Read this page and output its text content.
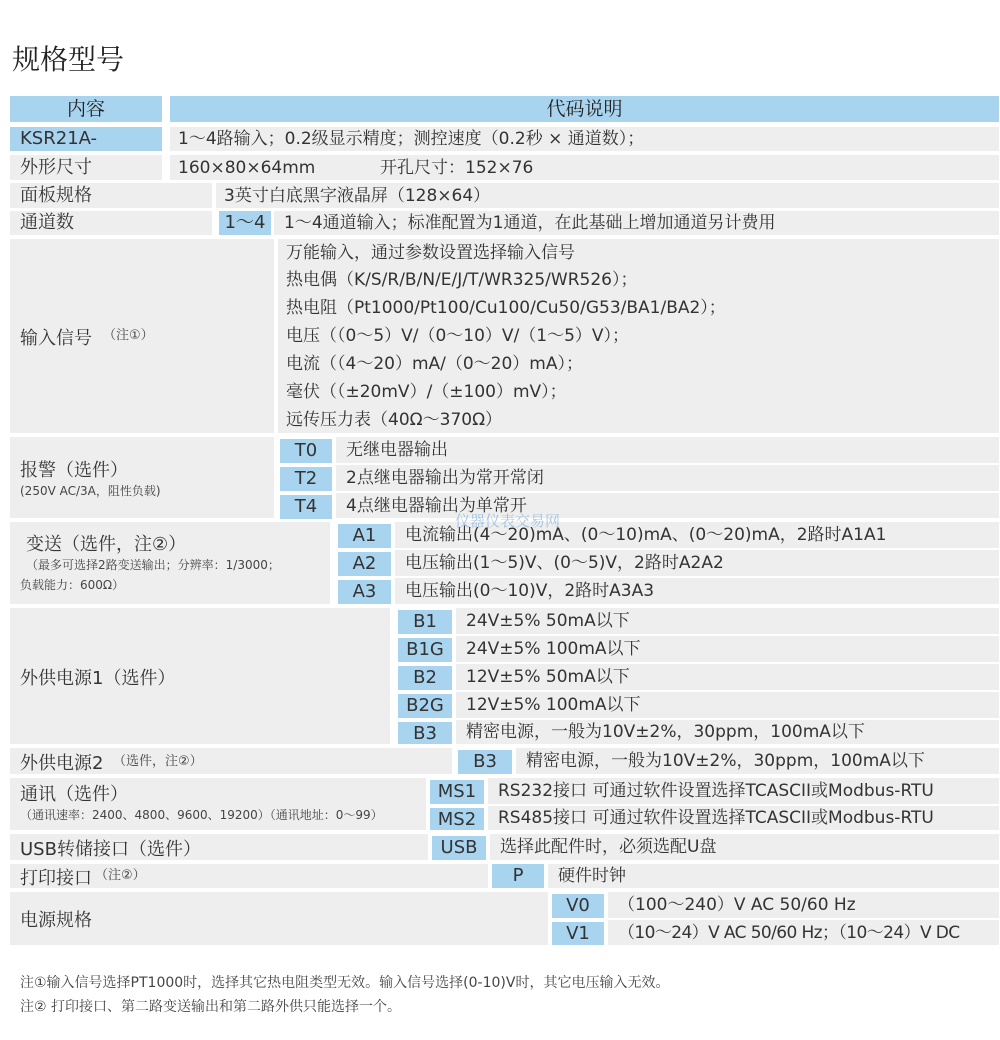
规格型号
内容	代码说明
KSR21A-	1～4路输入；0.2级显示精度；测控速度（0.2秒 × 通道数）；
外形尺寸	160×80×64mm	开孔尺寸：152×76
面板规格	3英寸白底黑字液晶屏（128×64）
通道数	1～4	1～4通道输入；标准配置为1通道，在此基础上增加通道另计费用
输入信号 （注①）
万能输入，通过参数设置选择输入信号
热电偶（K/S/R/B/N/E/J/T/WR325/WR526）；
热电阻（Pt1000/Pt100/Cu100/Cu50/G53/BA1/BA2）；
电压（（0～5）V/（0～10）V/（1～5）V）；
电流（（4～20）mA/（0～20）mA）；
毫伏（（±20mV）/（±100）mV）；
远传压力表（40Ω～370Ω）
报警（选件）
(250V AC/3A，阻性负载)
T0	无继电器输出
T2	2点继电器输出为常开常闭
T4	4点继电器输出为单常开
变送（选件，注②）
（最多可选择2路变送输出；分辨率：1/3000；
负载能力：600Ω）
A1	电流输出(4～20)mA、(0～10)mA、(0～20)mA，2路时A1A1
A2	电压输出(1～5)V、(0～5)V，2路时A2A2
A3	电压输出(0～10)V，2路时A3A3
外供电源1（选件）
B1	24V±5% 50mA以下
B1G	24V±5% 100mA以下
B2	12V±5% 50mA以下
B2G	12V±5% 100mA以下
B3	精密电源，一般为10V±2%，30ppm，100mA以下
外供电源2 （选件，注②）	B3	精密电源，一般为10V±2%，30ppm，100mA以下
通讯（选件）
（通讯速率：2400、4800、9600、19200）（通讯地址：0～99）
MS1	RS232接口 可通过软件设置选择TCASCII或Modbus-RTU
MS2	RS485接口 可通过软件设置选择TCASCII或Modbus-RTU
USB转储接口（选件）	USB	选择此配件时，必须选配U盘
打印接口 （注②）	P	硬件时钟
电源规格
V0	（100～240）V AC 50/60 Hz
V1	（10～24）V AC 50/60 Hz；（10～24）V DC
注①输入信号选择PT1000时，选择其它热电阻类型无效。输入信号选择(0-10)V时，其它电压输入无效。
注② 打印接口、第二路变送输出和第二路外供只能选择一个。
仪器仪表交易网
